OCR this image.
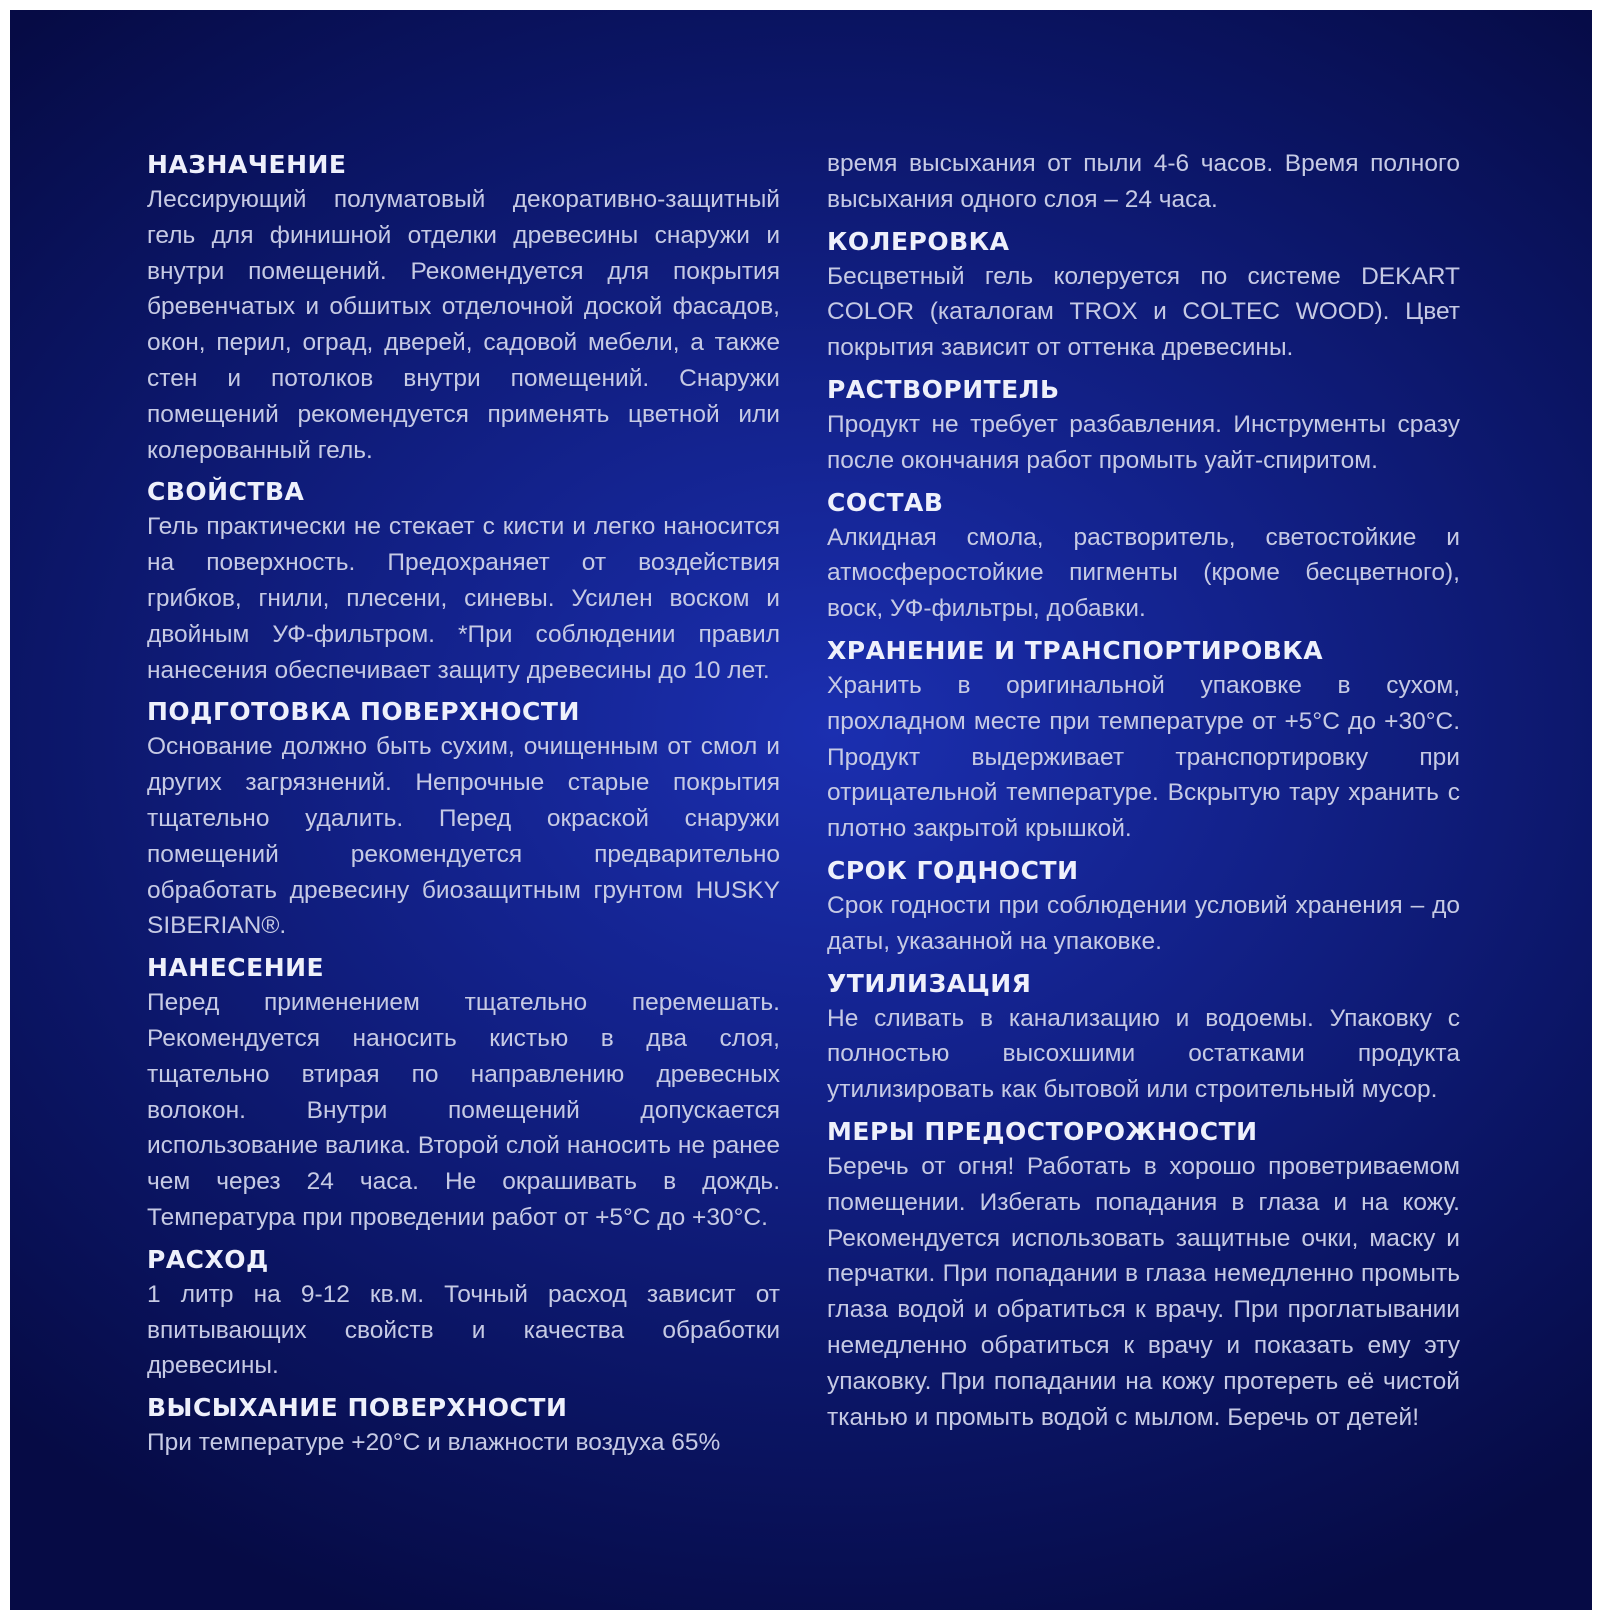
НАЗНАЧЕНИЕ

Лессирующий полуматовый декоративно-защитный гель для финишной отделки древесины снаружи и внутри помещений. Рекомендуется для покрытия бревенчатых и обшитых отделочной доской фасадов, окон, перил, оград, дверей, садовой мебели, а также стен и потолков внутри помещений. Снаружи помещений рекомендуется применять цветной или колерованный гель.

СВОЙСТВА

Гель практически не стекает с кисти и легко наносится на поверхность. Предохраняет от воздействия грибков, гнили, плесени, синевы. Усилен воском и двойным УФ-фильтром. *При соблюдении правил нанесения обеспечивает защиту древесины до 10 лет.

ПОДГОТОВКА ПОВЕРХНОСТИ

Основание должно быть сухим, очищенным от смол и других загрязнений. Непрочные старые покрытия тщательно удалить. Перед окраской снаружи помещений рекомендуется предварительно обработать древесину биозащитным грунтом HUSKY SIBERIAN®.

НАНЕСЕНИЕ

Перед применением тщательно перемешать. Рекомендуется наносить кистью в два слоя, тщательно втирая по направлению древесных волокон. Внутри помещений допускается использование валика. Второй слой наносить не ранее чем через 24 часа. Не окрашивать в дождь. Температура при проведении работ от +5°С до +30°С.

РАСХОД

1 литр на 9-12 кв.м. Точный расход зависит от впитывающих свойств и качества обработки древесины.

ВЫСЫХАНИЕ ПОВЕРХНОСТИ

При температуре +20°С и влажности воздуха 65%

время высыхания от пыли 4-6 часов. Время полного высыхания одного слоя – 24 часа.

КОЛЕРОВКА

Бесцветный гель колеруется по системе DEKART COLOR (каталогам TROX и COLTEC WOOD). Цвет покрытия зависит от оттенка древесины.

РАСТВОРИТЕЛЬ

Продукт не требует разбавления. Инструменты сразу после окончания работ промыть уайт-спиритом.

СОСТАВ

Алкидная смола, растворитель, светостойкие и атмосферостойкие пигменты (кроме бесцветного), воск, УФ-фильтры, добавки.

ХРАНЕНИЕ И ТРАНСПОРТИРОВКА

Хранить в оригинальной упаковке в сухом, прохладном месте при температуре от +5°С до +30°С. Продукт выдерживает транспортировку при отрицательной температуре. Вскрытую тару хранить с плотно закрытой крышкой.

СРОК ГОДНОСТИ

Срок годности при соблюдении условий хранения – до даты, указанной на упаковке.

УТИЛИЗАЦИЯ

Не сливать в канализацию и водоемы. Упаковку с полностью высохшими остатками продукта утилизировать как бытовой или строительный мусор.

МЕРЫ ПРЕДОСТОРОЖНОСТИ

Беречь от огня! Работать в хорошо проветриваемом помещении. Избегать попадания в глаза и на кожу. Рекомендуется использовать защитные очки, маску и перчатки. При попадании в глаза немедленно промыть глаза водой и обратиться к врачу. При проглатывании немедленно обратиться к врачу и показать ему эту упаковку. При попадании на кожу протереть её чистой тканью и промыть водой с мылом. Беречь от детей!
